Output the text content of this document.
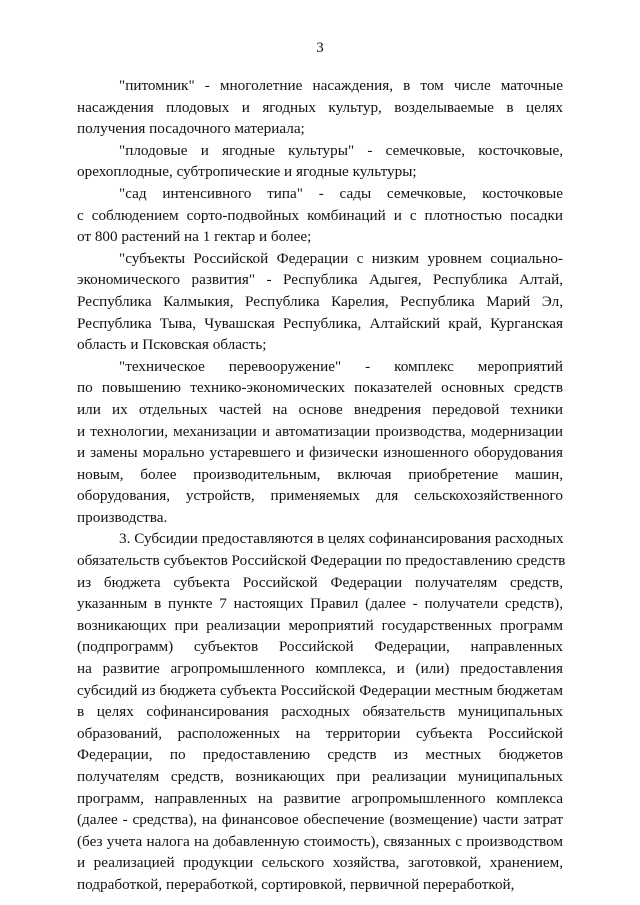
3
"питомник" - многолетние насаждения, в том числе маточные
насаждения плодовых и ягодных культур, возделываемые в целях
получения посадочного материала;
"плодовые и ягодные культуры" - семечковые, косточковые,
орехоплодные, субтропические и ягодные культуры;
"сад интенсивного типа" - сады семечковые, косточковые
с соблюдением сорто-подвойных комбинаций и с плотностью посадки
от 800 растений на 1 гектар и более;
"субъекты Российской Федерации с низким уровнем социально-
экономического развития" - Республика Адыгея, Республика Алтай,
Республика Калмыкия, Республика Карелия, Республика Марий Эл,
Республика Тыва, Чувашская Республика, Алтайский край, Курганская
область и Псковская область;
"техническое перевооружение" - комплекс мероприятий
по повышению технико-экономических показателей основных средств
или их отдельных частей на основе внедрения передовой техники
и технологии, механизации и автоматизации производства, модернизации
и замены морально устаревшего и физически изношенного оборудования
новым, более производительным, включая приобретение машин,
оборудования, устройств, применяемых для сельскохозяйственного
производства.
3. Субсидии предоставляются в целях софинансирования расходных
обязательств субъектов Российской Федерации по предоставлению средств
из бюджета субъекта Российской Федерации получателям средств,
указанным в пункте 7 настоящих Правил (далее - получатели средств),
возникающих при реализации мероприятий государственных программ
(подпрограмм) субъектов Российской Федерации, направленных
на развитие агропромышленного комплекса, и (или) предоставления
субсидий из бюджета субъекта Российской Федерации местным бюджетам
в целях софинансирования расходных обязательств муниципальных
образований, расположенных на территории субъекта Российской
Федерации, по предоставлению средств из местных бюджетов
получателям средств, возникающих при реализации муниципальных
программ, направленных на развитие агропромышленного комплекса
(далее - средства), на финансовое обеспечение (возмещение) части затрат
(без учета налога на добавленную стоимость), связанных с производством
и реализацией продукции сельского хозяйства, заготовкой, хранением,
подработкой, переработкой, сортировкой, первичной переработкой,
